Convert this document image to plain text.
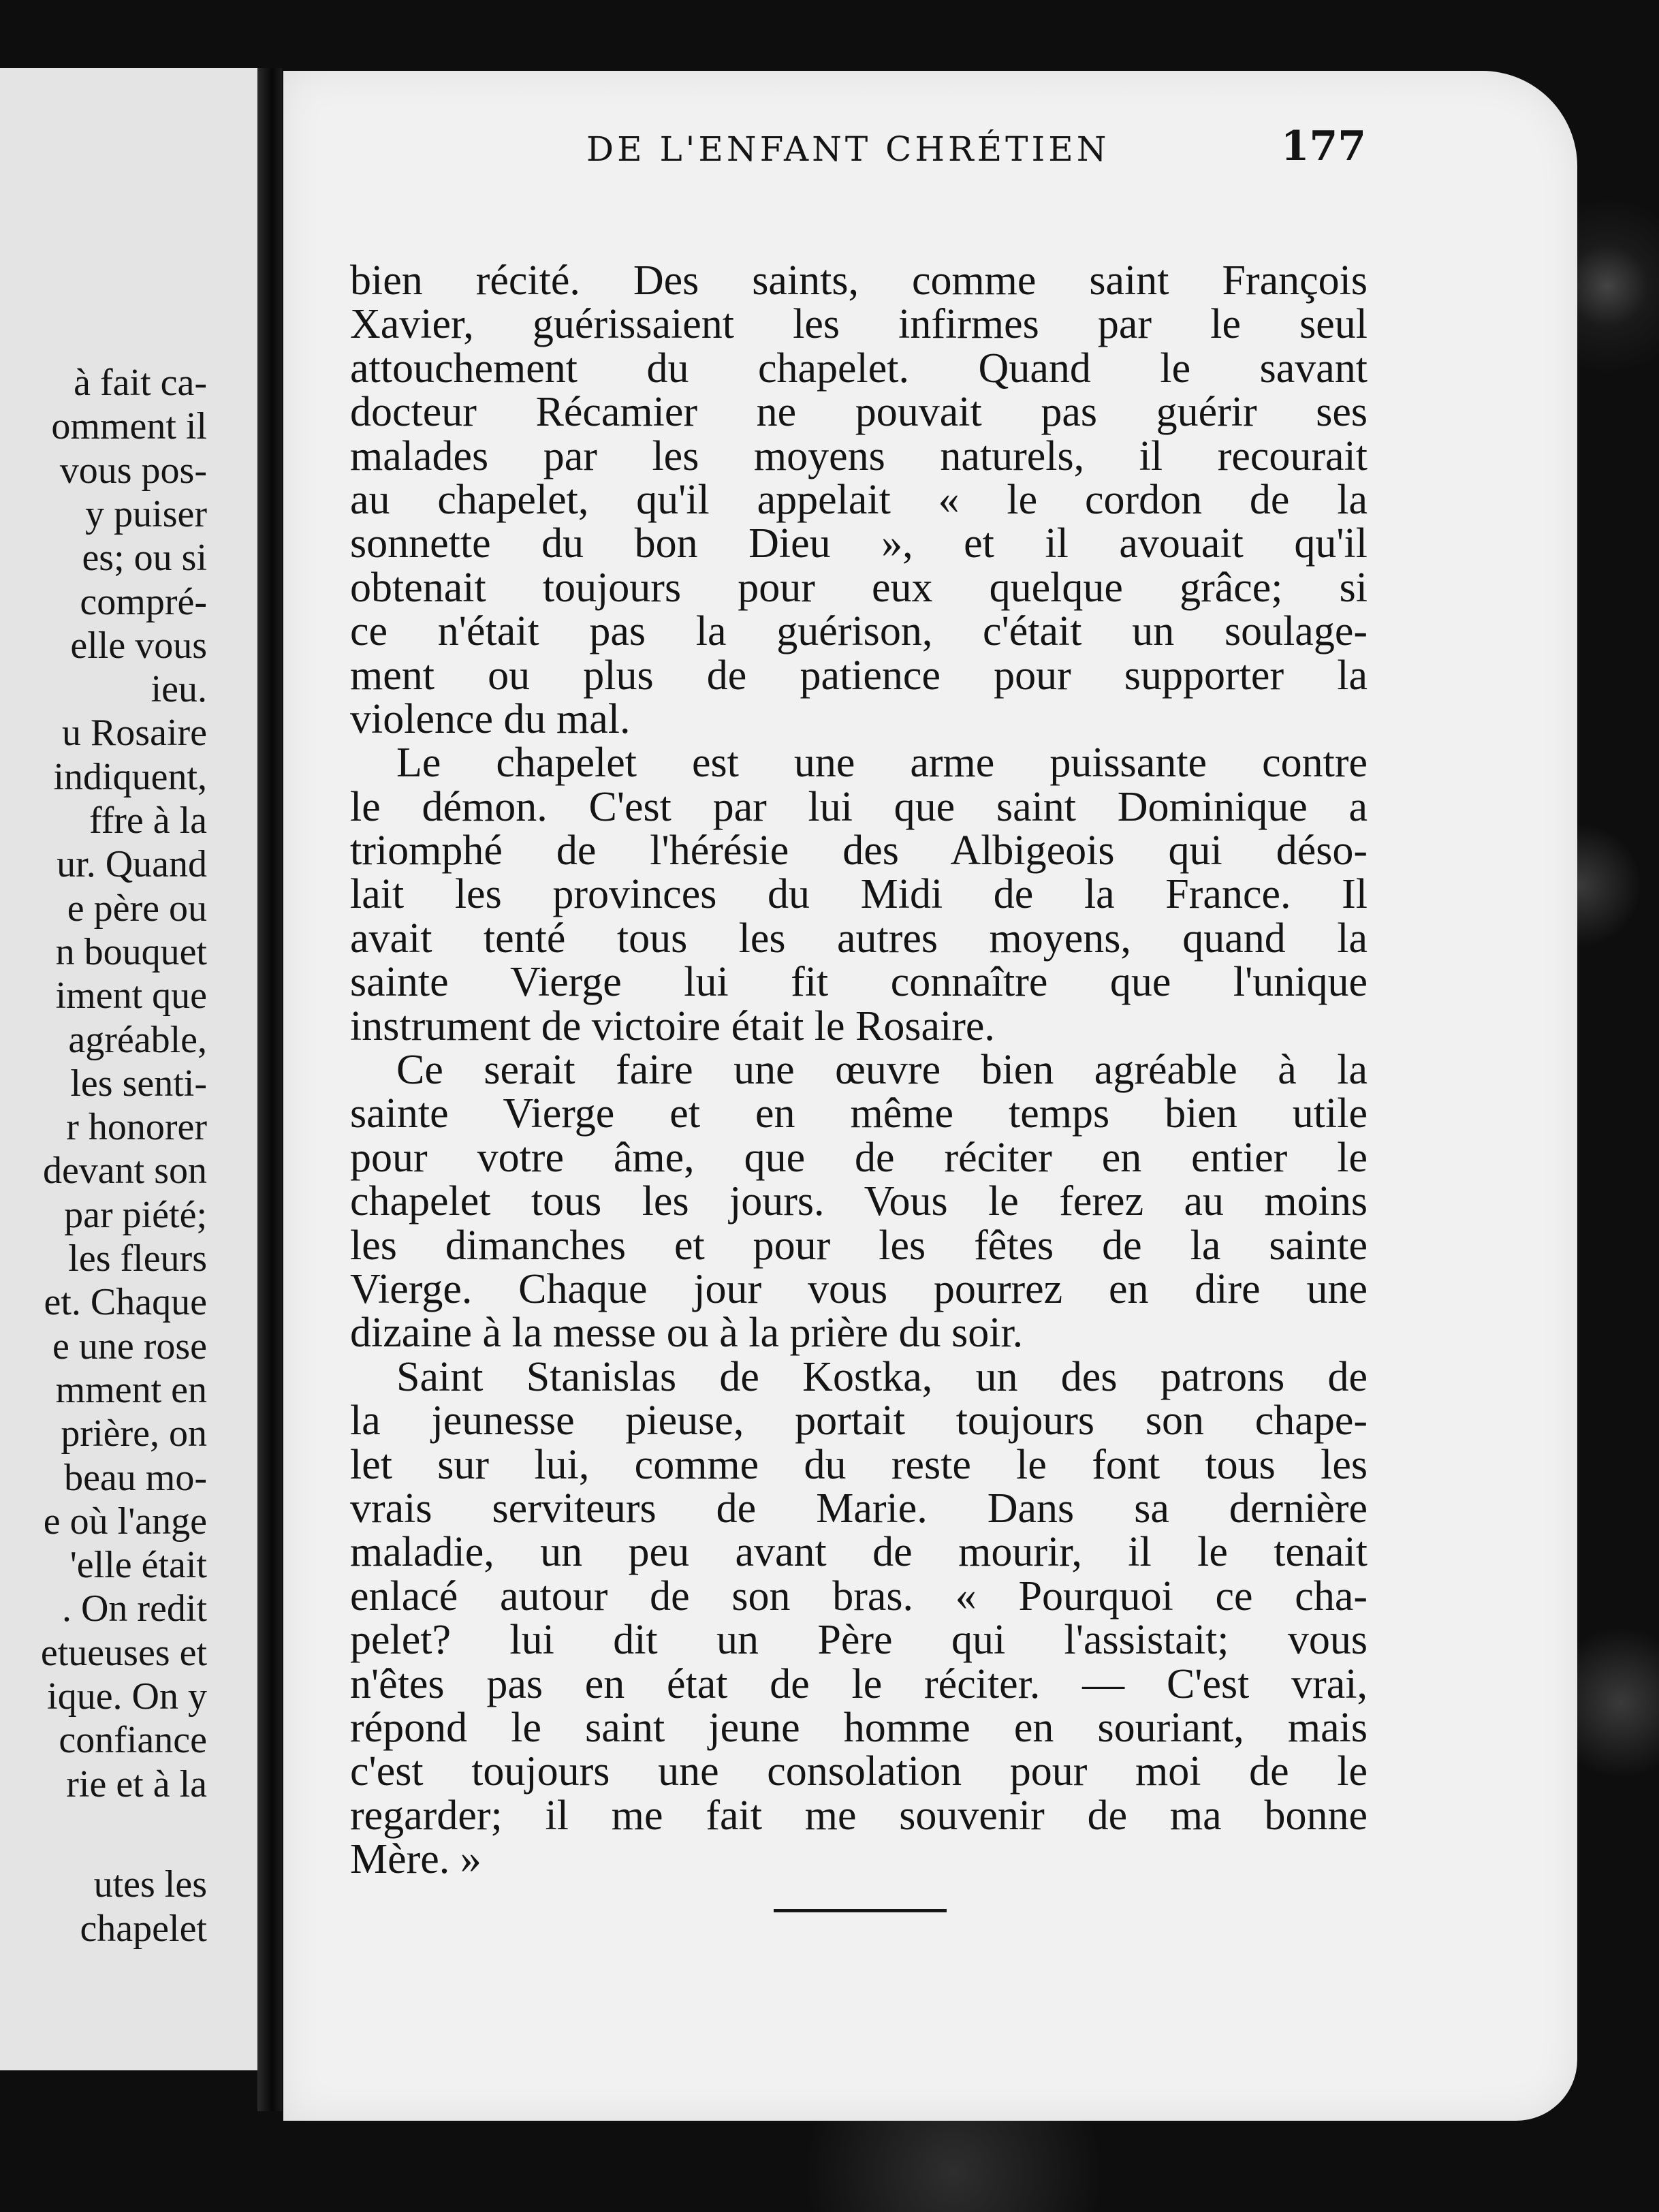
à fait ca-
omment il
vous pos-
y puiser
es; ou si
compré-
elle vous
ieu.
u Rosaire
indiquent,
ffre à la
ur. Quand
e père ou
n bouquet
iment que
agréable,
les senti-
r honorer
devant son
par piété;
les fleurs
et. Chaque
e une rose
mment en
prière, on
beau mo-
e où l'ange
'elle était
. On redit
etueuses et
ique. On y
confiance
rie et à la
utes les
chapelet
DE L'ENFANT CHRÉTIEN	177
bien récité. Des saints, comme saint François
Xavier, guérissaient les infirmes par le seul
attouchement du chapelet. Quand le savant
docteur Récamier ne pouvait pas guérir ses
malades par les moyens naturels, il recourait
au chapelet, qu'il appelait « le cordon de la
sonnette du bon Dieu », et il avouait qu'il
obtenait toujours pour eux quelque grâce; si
ce n'était pas la guérison, c'était un soulage-
ment ou plus de patience pour supporter la
violence du mal.
Le chapelet est une arme puissante contre
le démon. C'est par lui que saint Dominique a
triomphé de l'hérésie des Albigeois qui déso-
lait les provinces du Midi de la France. Il
avait tenté tous les autres moyens, quand la
sainte Vierge lui fit connaître que l'unique
instrument de victoire était le Rosaire.
Ce serait faire une œuvre bien agréable à la
sainte Vierge et en même temps bien utile
pour votre âme, que de réciter en entier le
chapelet tous les jours. Vous le ferez au moins
les dimanches et pour les fêtes de la sainte
Vierge. Chaque jour vous pourrez en dire une
dizaine à la messe ou à la prière du soir.
Saint Stanislas de Kostka, un des patrons de
la jeunesse pieuse, portait toujours son chape-
let sur lui, comme du reste le font tous les
vrais serviteurs de Marie. Dans sa dernière
maladie, un peu avant de mourir, il le tenait
enlacé autour de son bras. « Pourquoi ce cha-
pelet? lui dit un Père qui l'assistait; vous
n'êtes pas en état de le réciter. — C'est vrai,
répond le saint jeune homme en souriant, mais
c'est toujours une consolation pour moi de le
regarder; il me fait me souvenir de ma bonne
Mère. »
